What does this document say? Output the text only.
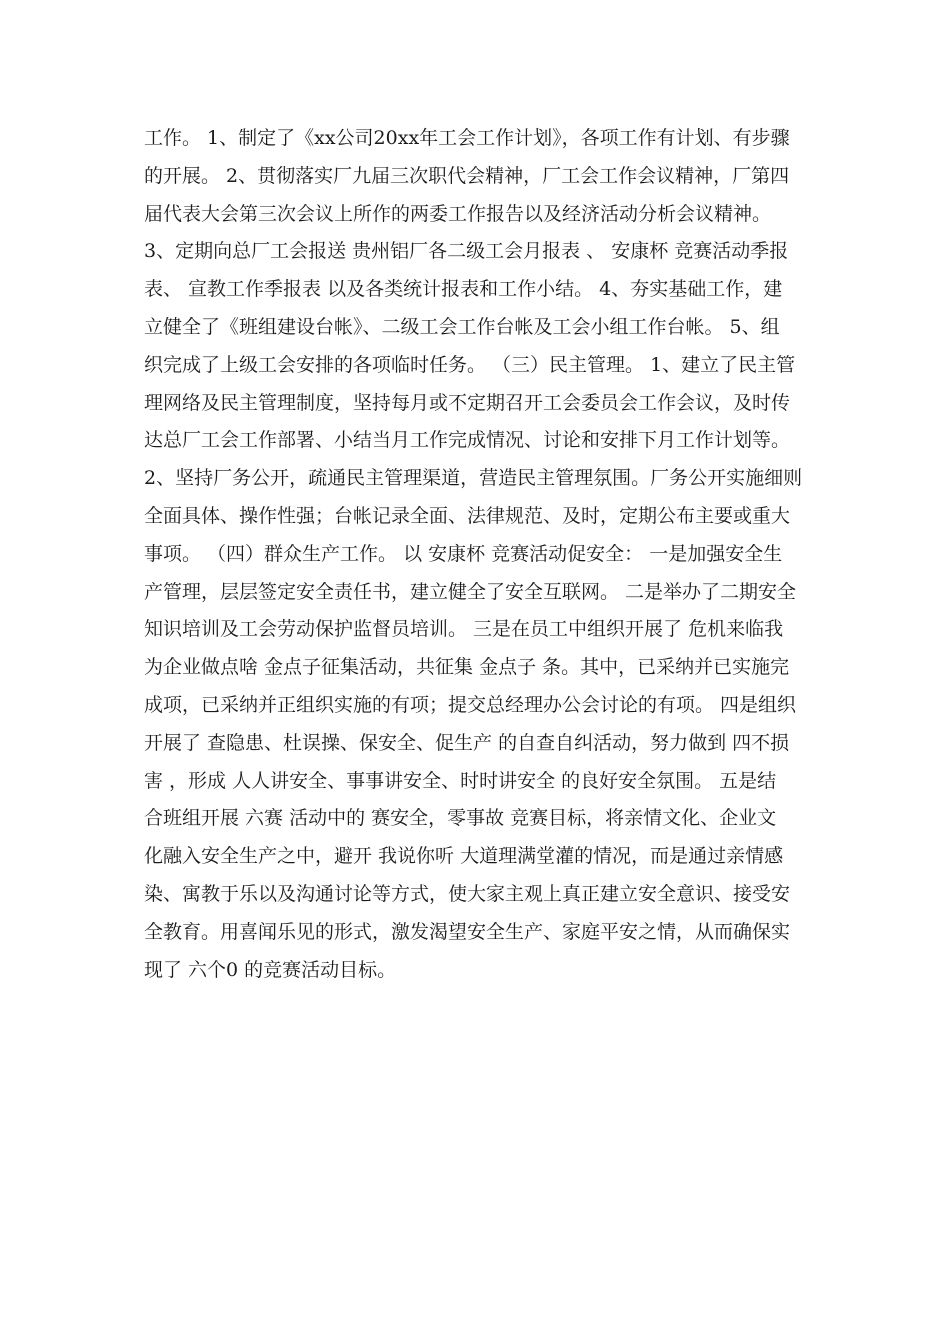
工作。 1、制定了《xx公司20xx年工会工作计划》，各项工作有计划、有步骤
的开展。 2、贯彻落实厂九届三次职代会精神，厂工会工作会议精神，厂第四
届代表大会第三次会议上所作的两委工作报告以及经济活动分析会议精神。
3、定期向总厂工会报送 贵州铝厂各二级工会月报表 、 安康杯 竞赛活动季报
表、 宣教工作季报表 以及各类统计报表和工作小结。 4、夯实基础工作，建
立健全了《班组建设台帐》、二级工会工作台帐及工会小组工作台帐。 5、组
织完成了上级工会安排的各项临时任务。 （三）民主管理。 1、建立了民主管
理网络及民主管理制度，坚持每月或不定期召开工会委员会工作会议，及时传
达总厂工会工作部署、小结当月工作完成情况、讨论和安排下月工作计划等。
2、坚持厂务公开，疏通民主管理渠道，营造民主管理氛围。厂务公开实施细则
全面具体、操作性强；台帐记录全面、法律规范、及时，定期公布主要或重大
事项。 （四）群众生产工作。 以 安康杯 竞赛活动促安全： 一是加强安全生
产管理，层层签定安全责任书，建立健全了安全互联网。 二是举办了二期安全
知识培训及工会劳动保护监督员培训。 三是在员工中组织开展了 危机来临我
为企业做点啥 金点子征集活动，共征集 金点子 条。其中，已采纳并已实施完
成项，已采纳并正组织实施的有项；提交总经理办公会讨论的有项。 四是组织
开展了 查隐患、杜误操、保安全、促生产 的自查自纠活动，努力做到 四不损
害 ，形成 人人讲安全、事事讲安全、时时讲安全 的良好安全氛围。 五是结
合班组开展 六赛 活动中的 赛安全，零事故 竞赛目标，将亲情文化、企业文
化融入安全生产之中，避开 我说你听 大道理满堂灌的情况，而是通过亲情感
染、寓教于乐以及沟通讨论等方式，使大家主观上真正建立安全意识、接受安
全教育。用喜闻乐见的形式，激发渴望安全生产、家庭平安之情，从而确保实
现了 六个0 的竞赛活动目标。
